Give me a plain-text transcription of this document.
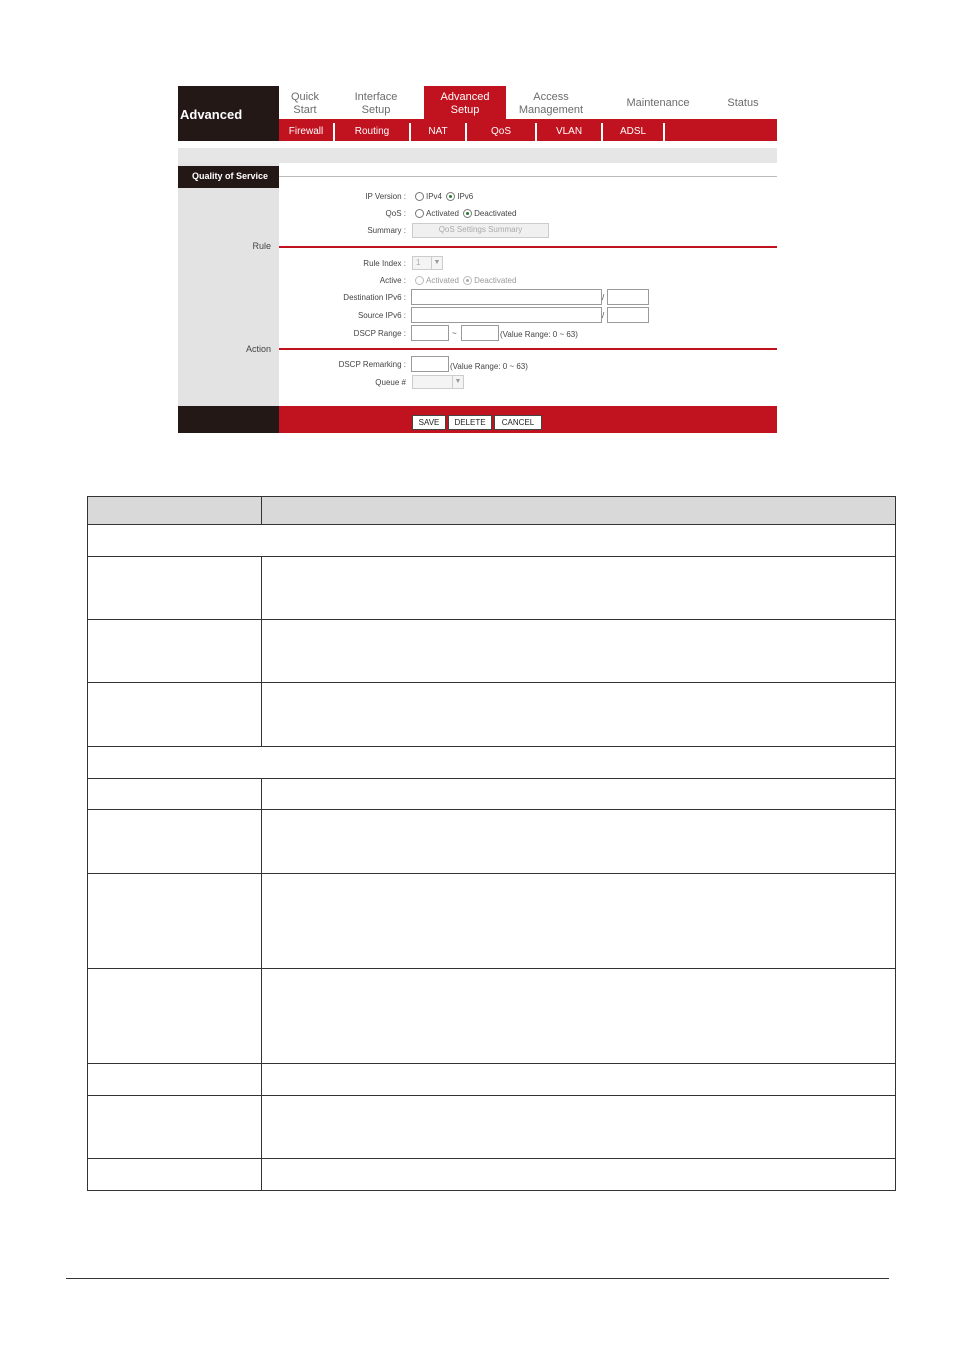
Advanced
Quick
Start
Interface
Setup
Advanced
Setup
Access
Management
Maintenance	Status
Firewall	Routing	NAT	QoS	VLAN	ADSL
Quality of Service
IP Version :	IPv4 IPv6
QoS :	Activated Deactivated
Summary :	QoS Settings Summary
Rule
Rule Index :	1	▼
Active :	Activated Deactivated
Destination IPv6 :	/
Source IPv6 :	/
DSCP Range :	~	(Value Range: 0 ~ 63)
Action
DSCP Remarking :	(Value Range: 0 ~ 63)
Queue #	▼
SAVE	DELETE	CANCEL
